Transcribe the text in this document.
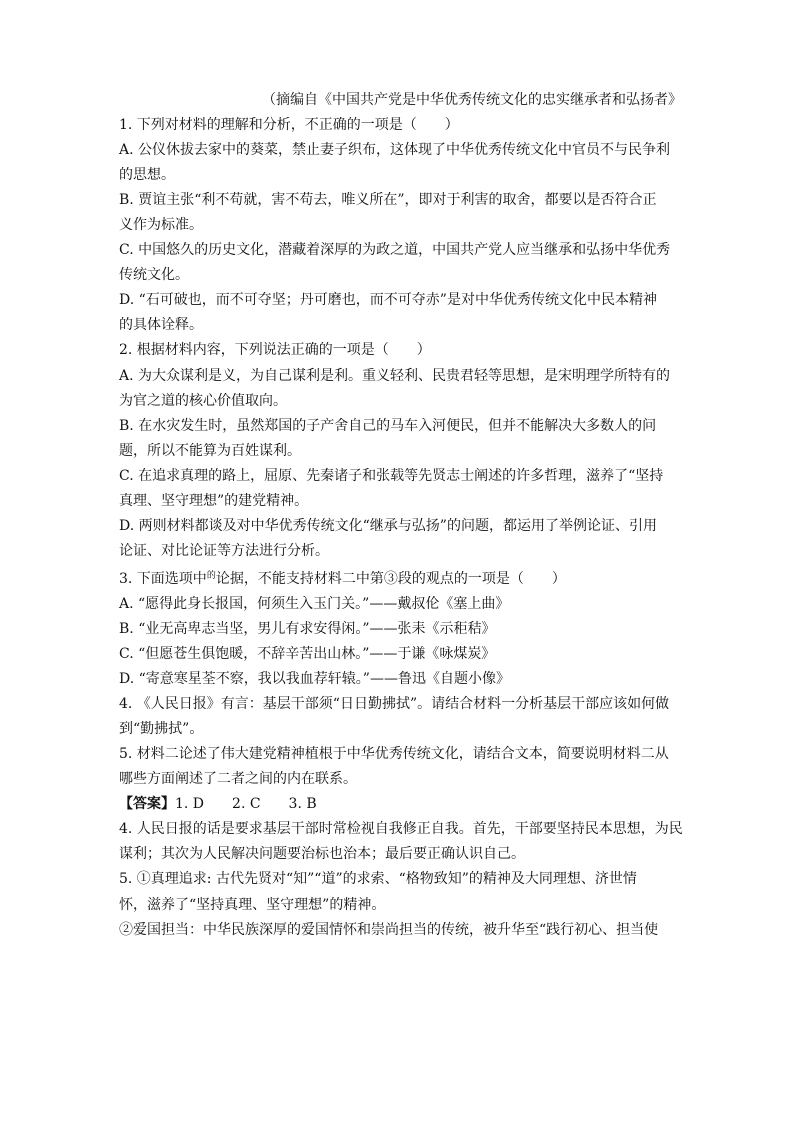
（摘编自《中国共产党是中华优秀传统文化的忠实继承者和弘扬者》
1. 下列对材料的理解和分析，不正确的一项是（　　）
A. 公仪休拔去家中的葵菜，禁止妻子织布，这体现了中华优秀传统文化中官员不与民争利
的思想。
B. 贾谊主张“利不苟就，害不苟去，唯义所在”，即对于利害的取舍，都要以是否符合正
义作为标准。
C. 中国悠久的历史文化，潜藏着深厚的为政之道，中国共产党人应当继承和弘扬中华优秀
传统文化。
D. “石可破也，而不可夺坚；丹可磨也，而不可夺赤”是对中华优秀传统文化中民本精神
的具体诠释。
2. 根据材料内容，下列说法正确的一项是（　　）
A. 为大众谋利是义，为自己谋利是利。重义轻利、民贵君轻等思想，是宋明理学所特有的
为官之道的核心价值取向。
B. 在水灾发生时，虽然郑国的子产舍自己的马车入河便民，但并不能解决大多数人的问
题，所以不能算为百姓谋利。
C. 在追求真理的路上，屈原、先秦诸子和张载等先贤志士阐述的许多哲理，滋养了“坚持
真理、坚守理想”的建党精神。
D. 两则材料都谈及对中华优秀传统文化“继承与弘扬”的问题，都运用了举例论证、引用
论证、对比论证等方法进行分析。
3. 下面选项中$^的$论据，不能支持材料二中第③段的观点的一项是（　　）
A. “愿得此身长报国，何须生入玉门关。”——戴叔伦《塞上曲》
B. “业无高卑志当坚，男儿有求安得闲。”——张耒《示秬秸》
C. “但愿苍生俱饱暖，不辞辛苦出山林。”——于谦《咏煤炭》
D. “寄意寒星荃不察，我以我血荐轩辕。”——鲁迅《自题小像》
4. 《人民日报》有言：基层干部须“日日勤拂拭”。请结合材料一分析基层干部应该如何做
到“勤拂拭”。
5. 材料二论述了伟大建党精神植根于中华优秀传统文化，请结合文本，简要说明材料二从
哪些方面阐述了二者之间的内在联系。
【答案】1. D　　2. C　　3. B
4. 人民日报的话是要求基层干部时常检视自我修正自我。首先，干部要坚持民本思想，为民
谋利；其次为人民解决问题要治标也治本；最后要正确认识自己。
5. ①真理追求: 古代先贤对“知”“道”的求索、“格物致知”的精神及大同理想、济世情
怀，滋养了“坚持真理、坚守理想”的精神。
②爱国担当：中华民族深厚的爱国情怀和崇尚担当的传统，被升华至“践行初心、担当使
